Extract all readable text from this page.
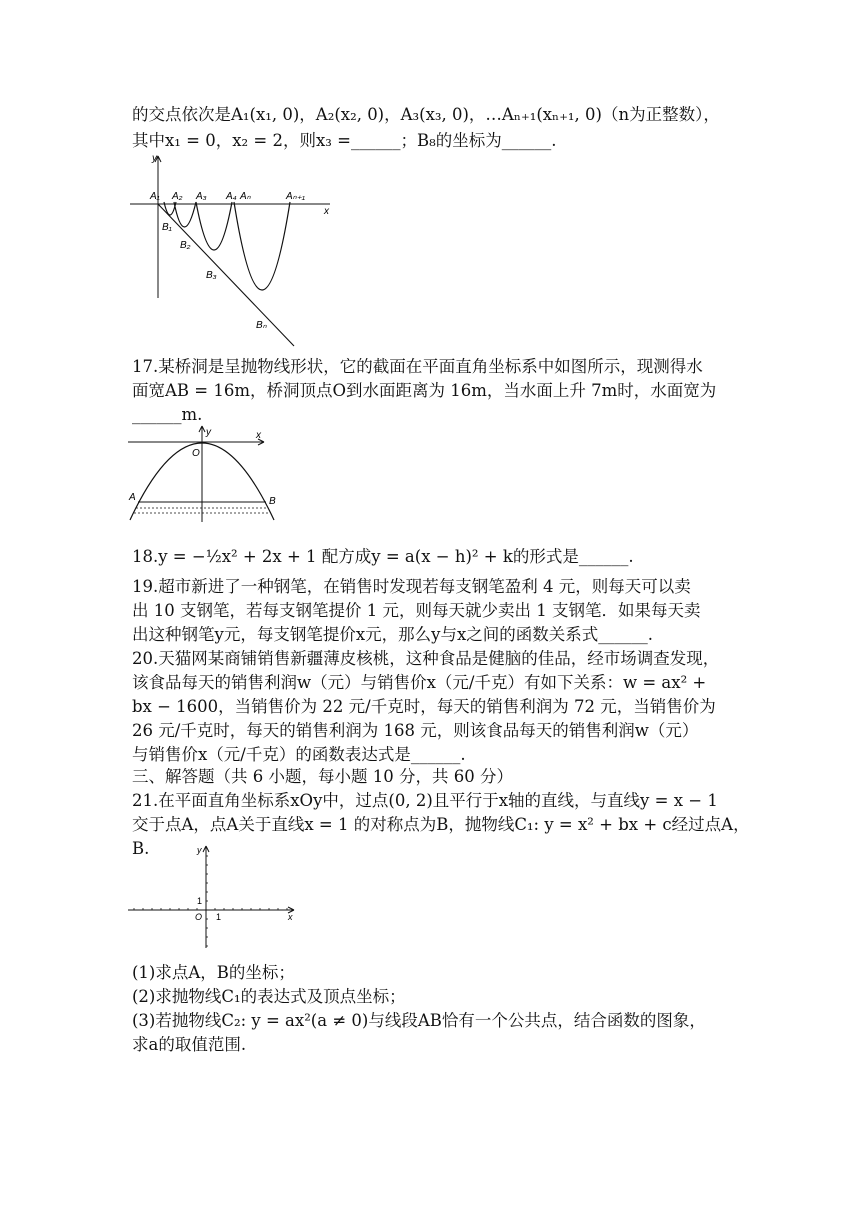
的交点依次是A₁(x₁, 0)，A₂(x₂, 0)，A₃(x₃, 0)，…Aₙ₊₁(xₙ₊₁, 0)（n为正整数），
其中x₁ = 0，x₂ = 2，则x₃ =______；B₈的坐标为______.
y
x
A₁ A₂ A₃ A₄ Aₙ	Aₙ₊₁
B₁
B₂
B₃
Bₙ
17.某桥洞是呈抛物线形状，它的截面在平面直角坐标系中如图所示，现测得水
面宽AB = 16m，桥洞顶点O到水面距离为 16m，当水面上升 7m时，水面宽为
______m.
y	x
O
A	B
18.y = −½x² + 2x + 1 配方成y = a(x − h)² + k的形式是______.
19.超市新进了一种钢笔，在销售时发现若每支钢笔盈利 4 元，则每天可以卖
出 10 支钢笔，若每支钢笔提价 1 元，则每天就少卖出 1 支钢笔．如果每天卖
出这种钢笔y元，每支钢笔提价x元，那么y与x之间的函数关系式______.
20.天猫网某商铺销售新疆薄皮核桃，这种食品是健脑的佳品，经市场调查发现，
该食品每天的销售利润w（元）与销售价x（元/千克）有如下关系：w = ax² +
bx − 1600，当销售价为 22 元/千克时，每天的销售利润为 72 元，当销售价为
26 元/千克时，每天的销售利润为 168 元，则该食品每天的销售利润w（元）
与销售价x（元/千克）的函数表达式是______.
三、解答题（共 6 小题，每小题 10 分，共 60 分）
21.在平面直角坐标系xOy中，过点(0, 2)且平行于x轴的直线，与直线y = x − 1
交于点A，点A关于直线x = 1 的对称点为B，抛物线C₁: y = x² + bx + c经过点A，
B.	y
x
O 1
1
(1)求点A，B的坐标；
(2)求抛物线C₁的表达式及顶点坐标；
(3)若抛物线C₂: y = ax²(a ≠ 0)与线段AB恰有一个公共点，结合函数的图象，
求a的取值范围.
